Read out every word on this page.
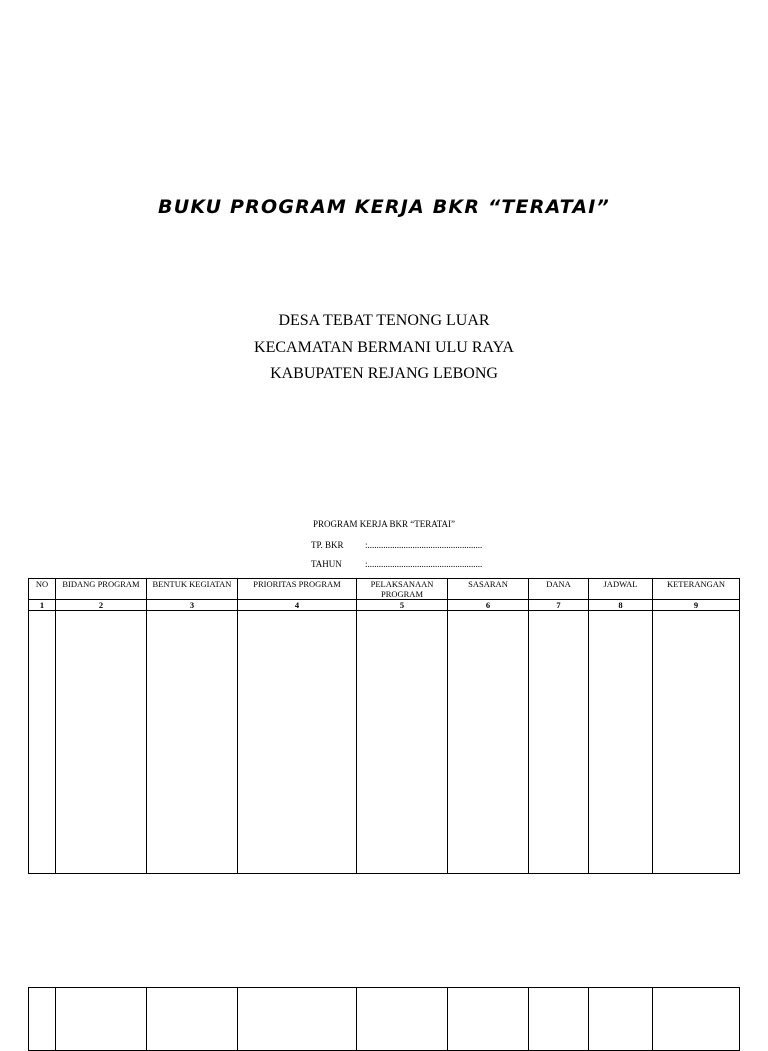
BUKU PROGRAM KERJA BKR “TERATAI”
DESA TEBAT TENONG LUAR
KECAMATAN BERMANI ULU RAYA
KABUPATEN REJANG LEBONG
PROGRAM KERJA BKR “TERATAI”
TP. BKR :...................................................
TAHUN	:...................................................
NO	BIDANG PROGRAM	BENTUK KEGIATAN	PRIORITAS PROGRAM	PELAKSANAAN PROGRAM	SASARAN	DANA	JADWAL	KETERANGAN
1	2	3	4	5	6	7	8	9
